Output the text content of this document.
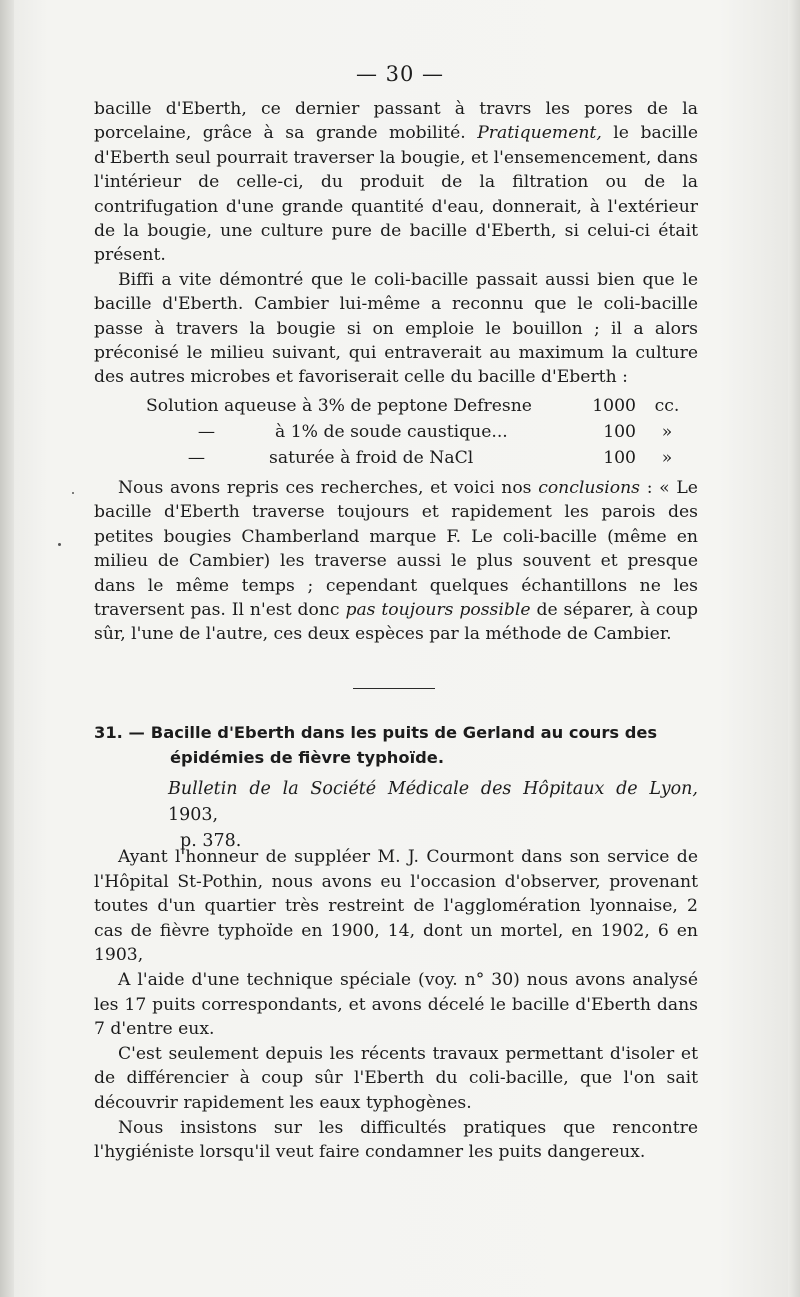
— 30 —

bacille d'Eberth, ce dernier passant à travrs les pores de la porcelaine, grâce à sa grande mobilité. Pratiquement, le bacille d'Eberth seul pourrait traverser la bougie, et l'ensemencement, dans l'intérieur de celle-ci, du produit de la filtration ou de la contrifugation d'une grande quantité d'eau, donnerait, à l'extérieur de la bougie, une culture pure de bacille d'Eberth, si celui-ci était présent.

Biffi a vite démontré que le coli-bacille passait aussi bien que le bacille d'Eberth. Cambier lui-même a reconnu que le coli-bacille passe à travers la bougie si on emploie le bouillon ; il a alors préconisé le milieu suivant, qui entraverait au maximum la culture des autres microbes et favoriserait celle du bacille d'Eberth :

Solution aqueuse à 3% de peptone Defresne	1000	cc.
—	à 1% de soude caustique...	100	»
—	saturée à froid de NaCl	100	»

Nous avons repris ces recherches, et voici nos conclusions : « Le bacille d'Eberth traverse toujours et rapidement les parois des petites bougies Chamberland marque F. Le coli-bacille (même en milieu de Cambier) les traverse aussi le plus souvent et presque dans le même temps ; cependant quelques échantillons ne les traversent pas. Il n'est donc pas toujours possible de séparer, à coup sûr, l'une de l'autre, ces deux espèces par la méthode de Cambier.

31. — Bacille d'Eberth dans les puits de Gerland au cours des
épidémies de fièvre typhoïde.

Bulletin de la Société Médicale des Hôpitaux de Lyon, 1903,
p. 378.

Ayant l'honneur de suppléer M. J. Courmont dans son service de l'Hôpital St-Pothin, nous avons eu l'occasion d'observer, provenant toutes d'un quartier très restreint de l'agglomération lyonnaise, 2 cas de fièvre typhoïde en 1900, 14, dont un mortel, en 1902, 6 en 1903,

A l'aide d'une technique spéciale (voy. n° 30) nous avons analysé les 17 puits correspondants, et avons décelé le bacille d'Eberth dans 7 d'entre eux.

C'est seulement depuis les récents travaux permettant d'isoler et de différencier à coup sûr l'Eberth du coli-bacille, que l'on sait découvrir rapidement les eaux typhogènes.

Nous insistons sur les difficultés pratiques que rencontre l'hygiéniste lorsqu'il veut faire condamner les puits dangereux.
